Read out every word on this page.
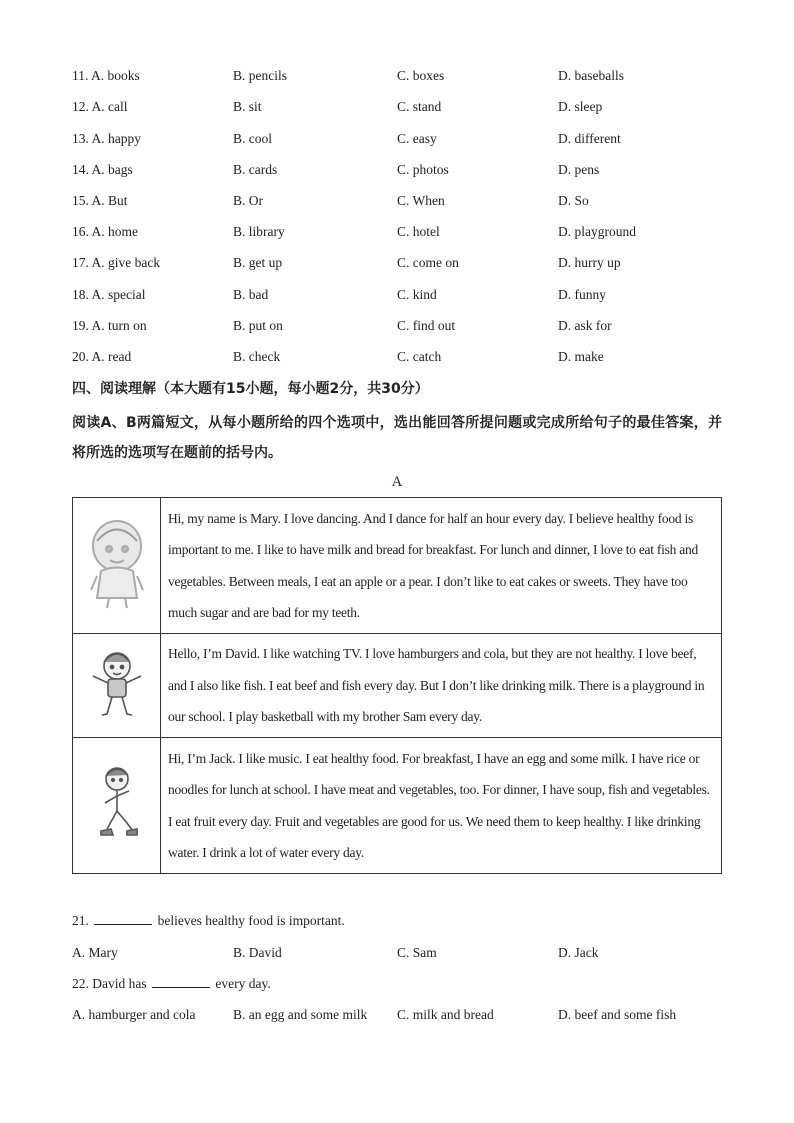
11. A. books	B. pencils	C. boxes	D. baseballs
12. A. call	B. sit	C. stand	D. sleep
13. A. happy	B. cool	C. easy	D. different
14. A. bags	B. cards	C. photos	D. pens
15. A. But	B. Or	C. When	D. So
16. A. home	B. library	C. hotel	D. playground
17. A. give back	B. get up	C. come on	D. hurry up
18. A. special	B. bad	C. kind	D. funny
19. A. turn on	B. put on	C. find out	D. ask for
20. A. read	B. check	C. catch	D. make
四、阅读理解（本大题有15小题，每小题2分，共30分）
阅读A、B两篇短文，从每小题所给的四个选项中，选出能回答所提问题或完成所给句子的最佳答案，并将所选的选项写在题前的括号内。
A
	Hi, my name is Mary. I love dancing. And I dance for half an hour every day. I believe healthy food is important to me. I like to have milk and bread for breakfast. For lunch and dinner, I love to eat fish and vegetables. Between meals, I eat an apple or a pear. I don’t like to eat cakes or sweets. They have too much sugar and are bad for my teeth.
	Hello, I’m David. I like watching TV. I love hamburgers and cola, but they are not healthy. I love beef, and I also like fish. I eat beef and fish every day. But I don’t like drinking milk. There is a playground in our school. I play basketball with my brother Sam every day.
	Hi, I’m Jack. I like music. I eat healthy food. For breakfast, I have an egg and some milk. I have rice or noodles for lunch at school. I have meat and vegetables, too. For dinner, I have soup, fish and vegetables. I eat fruit every day. Fruit and vegetables are good for us. We need them to keep healthy. I like drinking water. I drink a lot of water every day.
21.	believes healthy food is important.
A. Mary	B. David	C. Sam	D. Jack
22. David has	every day.
A. hamburger and cola	B. an egg and some milk C. milk and bread	D. beef and some fish
